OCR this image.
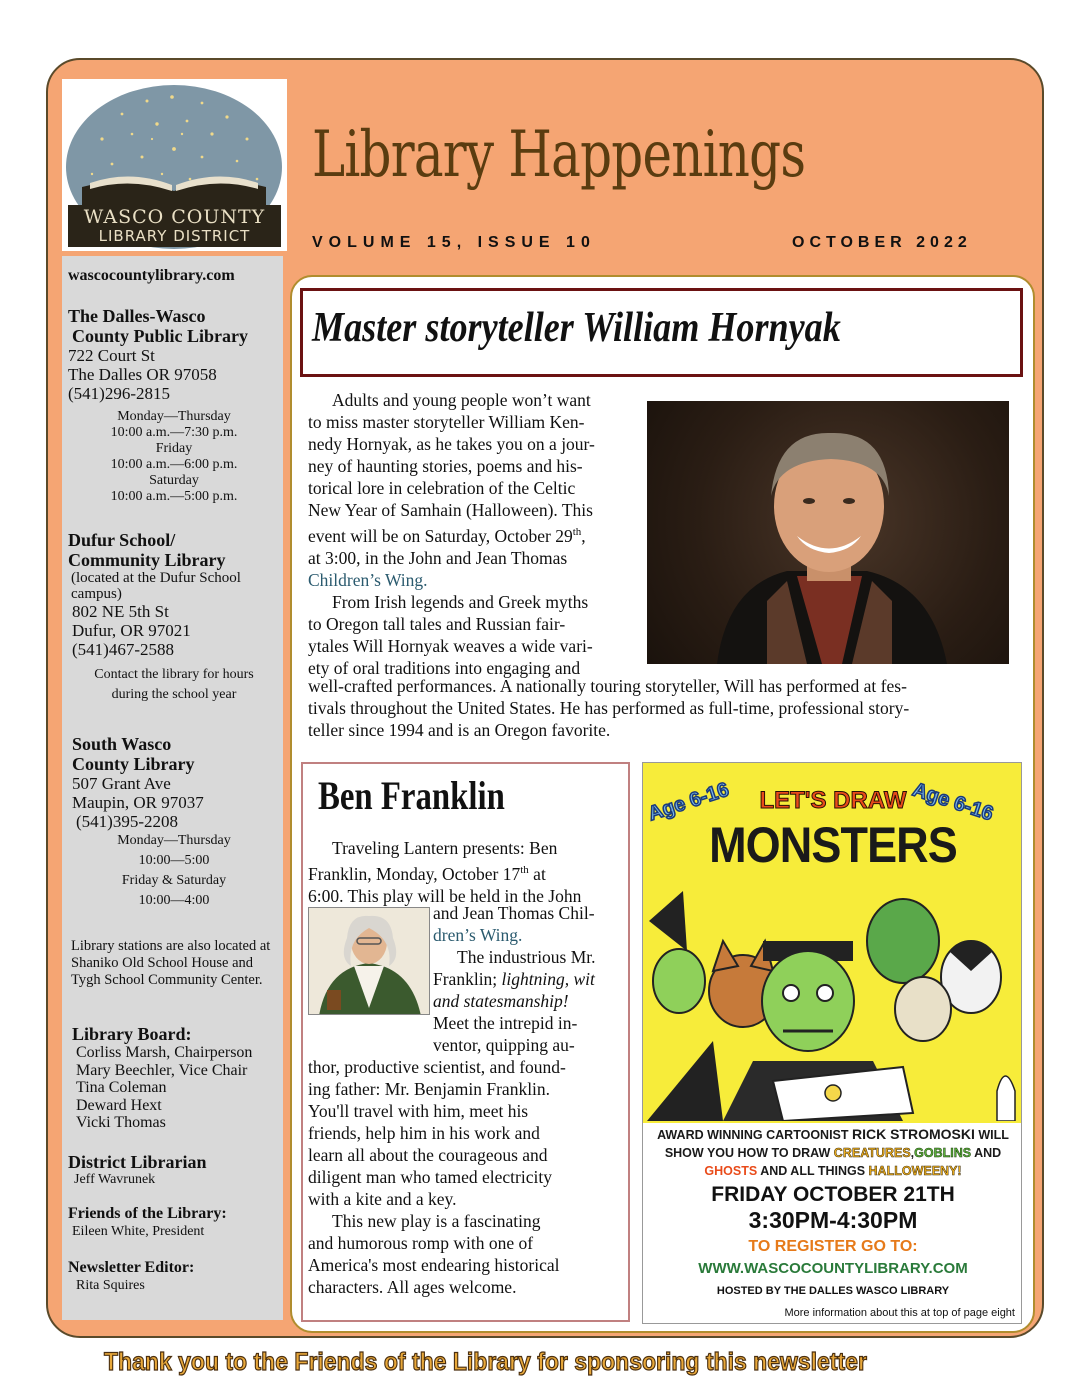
WASCO COUNTY
LIBRARY DISTRICT
wascocountylibrary.com
The Dalles-Wasco
County Public Library
722 Court St
The Dalles OR 97058
(541)296-2815
Monday—Thursday
10:00 a.m.—7:30 p.m.
Friday
10:00 a.m.—6:00 p.m.
Saturday
10:00 a.m.—5:00 p.m.
Dufur School/
Community Library
(located at the Dufur School campus)
802 NE 5th St
Dufur, OR 97021
(541)467-2588
Contact the library for hours
during the school year
South Wasco
County Library
507 Grant Ave
Maupin, OR 97037
(541)395-2208
Monday—Thursday
10:00—5:00
Friday & Saturday
10:00—4:00
Library stations are also located at Shaniko Old School House and Tygh School Community Center.
Library Board:
Corliss Marsh, Chairperson
Mary Beechler, Vice Chair
Tina Coleman
Deward Hext
Vicki Thomas
District Librarian
Jeff Wavrunek
Friends of the Library:
Eileen White, President
Newsletter Editor:
Rita Squires
Library Happenings
VOLUME 15, ISSUE 10	OCTOBER 2022
Master storyteller William Hornyak
Adults and young people won’t want
to miss master storyteller William Ken-
nedy Hornyak, as he takes you on a jour-
ney of haunting stories, poems and his-
torical lore in celebration of the Celtic
New Year of Samhain (Halloween). This
event will be on Saturday, October 29th,
at 3:00, in the John and Jean Thomas
Children’s Wing.
From Irish legends and Greek myths
to Oregon tall tales and Russian fair-
ytales Will Hornyak weaves a wide vari-
ety of oral traditions into engaging and
well-crafted performances. A nationally touring storyteller, Will has performed at fes-
tivals throughout the United States. He has performed as full-time, professional story-
teller since 1994 and is an Oregon favorite.
Ben Franklin
Traveling Lantern presents: Ben
Franklin, Monday, October 17th at
6:00. This play will be held in the John
and Jean Thomas Chil-
dren’s Wing.
The industrious Mr.
Franklin; lightning, wit
and statesmanship!
Meet the intrepid in-
ventor, quipping au-
thor, productive scientist, and found-
ing father: Mr. Benjamin Franklin.
You'll travel with him, meet his
friends, help him in his work and
learn all about the courageous and
diligent man who tamed electricity
with a kite and a key.
This new play is a fascinating
and humorous romp with one of
America's most endearing historical
characters. All ages welcome.
Age 6-16	Age 6-16
LET'S DRAW
MONSTERS
AWARD WINNING CARTOONIST RICK STROMOSKI WILL
SHOW YOU HOW TO DRAW CREATURES,GOBLINS AND
GHOSTS AND ALL THINGS HALLOWEENY!
FRIDAY OCTOBER 21TH
3:30PM-4:30PM
TO REGISTER GO TO:
WWW.WASCOCOUNTYLIBRARY.COM
HOSTED BY THE DALLES WASCO LIBRARY
More information about this at top of page eight
Thank you to the Friends of the Library for sponsoring this newsletter
